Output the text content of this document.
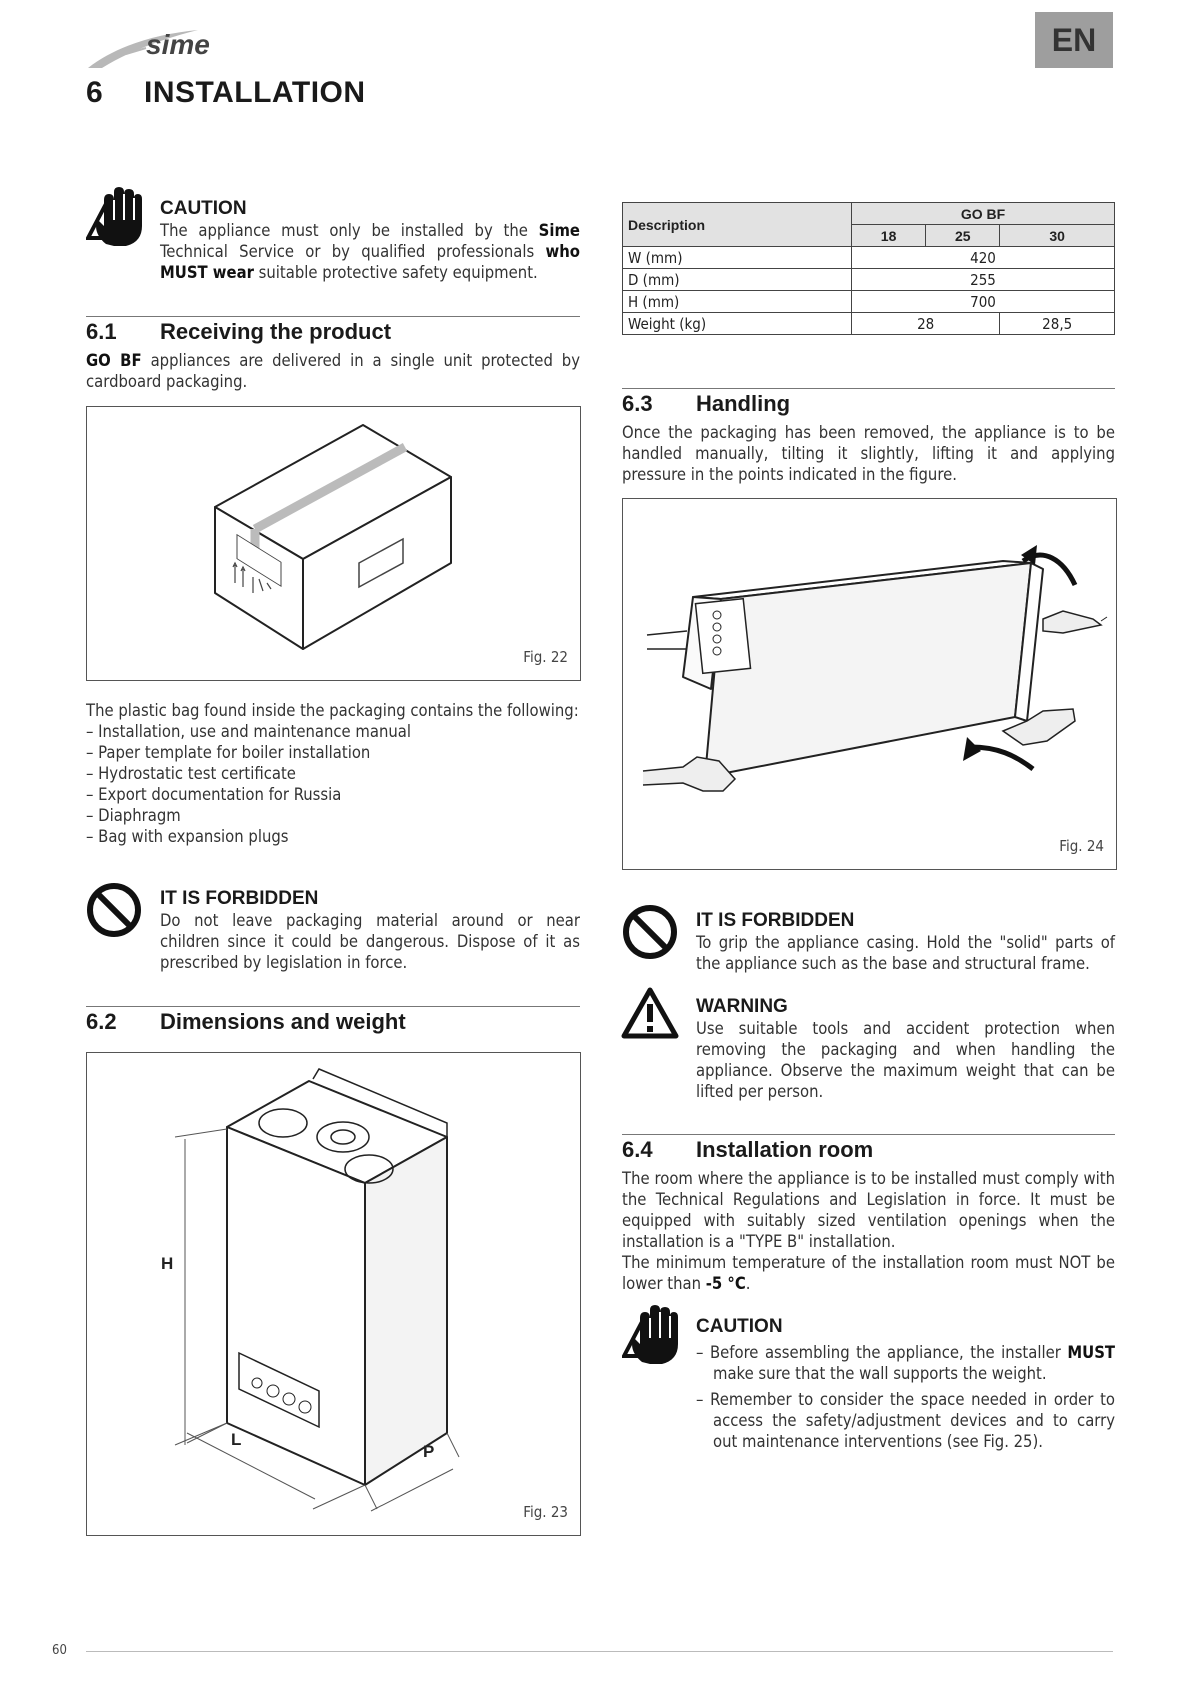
sime	EN
6 INSTALLATION
CAUTION
The appliance must only be installed by the Sime Technical Service or by qualified professionals who MUST wear suitable protective safety equipment.
6.1 Receiving the product
GO BF appliances are delivered in a single unit protected by cardboard packaging.
Fig. 22
The plastic bag found inside the packaging contains the following:
– Installation, use and maintenance manual
– Paper template for boiler installation
– Hydrostatic test certificate
– Export documentation for Russia
– Diaphragm
– Bag with expansion plugs
IT IS FORBIDDEN
Do not leave packaging material around or near children since it could be dangerous. Dispose of it as prescribed by legislation in force.
6.2 Dimensions and weight
H
L
P
Fig. 23
Description	GO BF		
	18	25	30
W (mm)	420		
D (mm)	255		
H (mm)	700		
Weight (kg)	28		28,5
6.3 Handling
Once the packaging has been removed, the appliance is to be handled manually, tilting it slightly, lifting it and applying pressure in the points indicated in the figure.
Fig. 24
IT IS FORBIDDEN
To grip the appliance casing. Hold the "solid" parts of the appliance such as the base and structural frame.
WARNING
Use suitable tools and accident protection when removing the packaging and when handling the appliance. Observe the maximum weight that can be lifted per person.
6.4 Installation room
The room where the appliance is to be installed must comply with the Technical Regulations and Legislation in force. It must be equipped with suitably sized ventilation openings when the installation is a "TYPE B" installation.
The minimum temperature of the installation room must NOT be lower than -5 °C.
CAUTION
– Before assembling the appliance, the installer MUST make sure that the wall supports the weight.
– Remember to consider the space needed in order to access the safety/adjustment devices and to carry out maintenance interventions (see Fig. 25).
60
